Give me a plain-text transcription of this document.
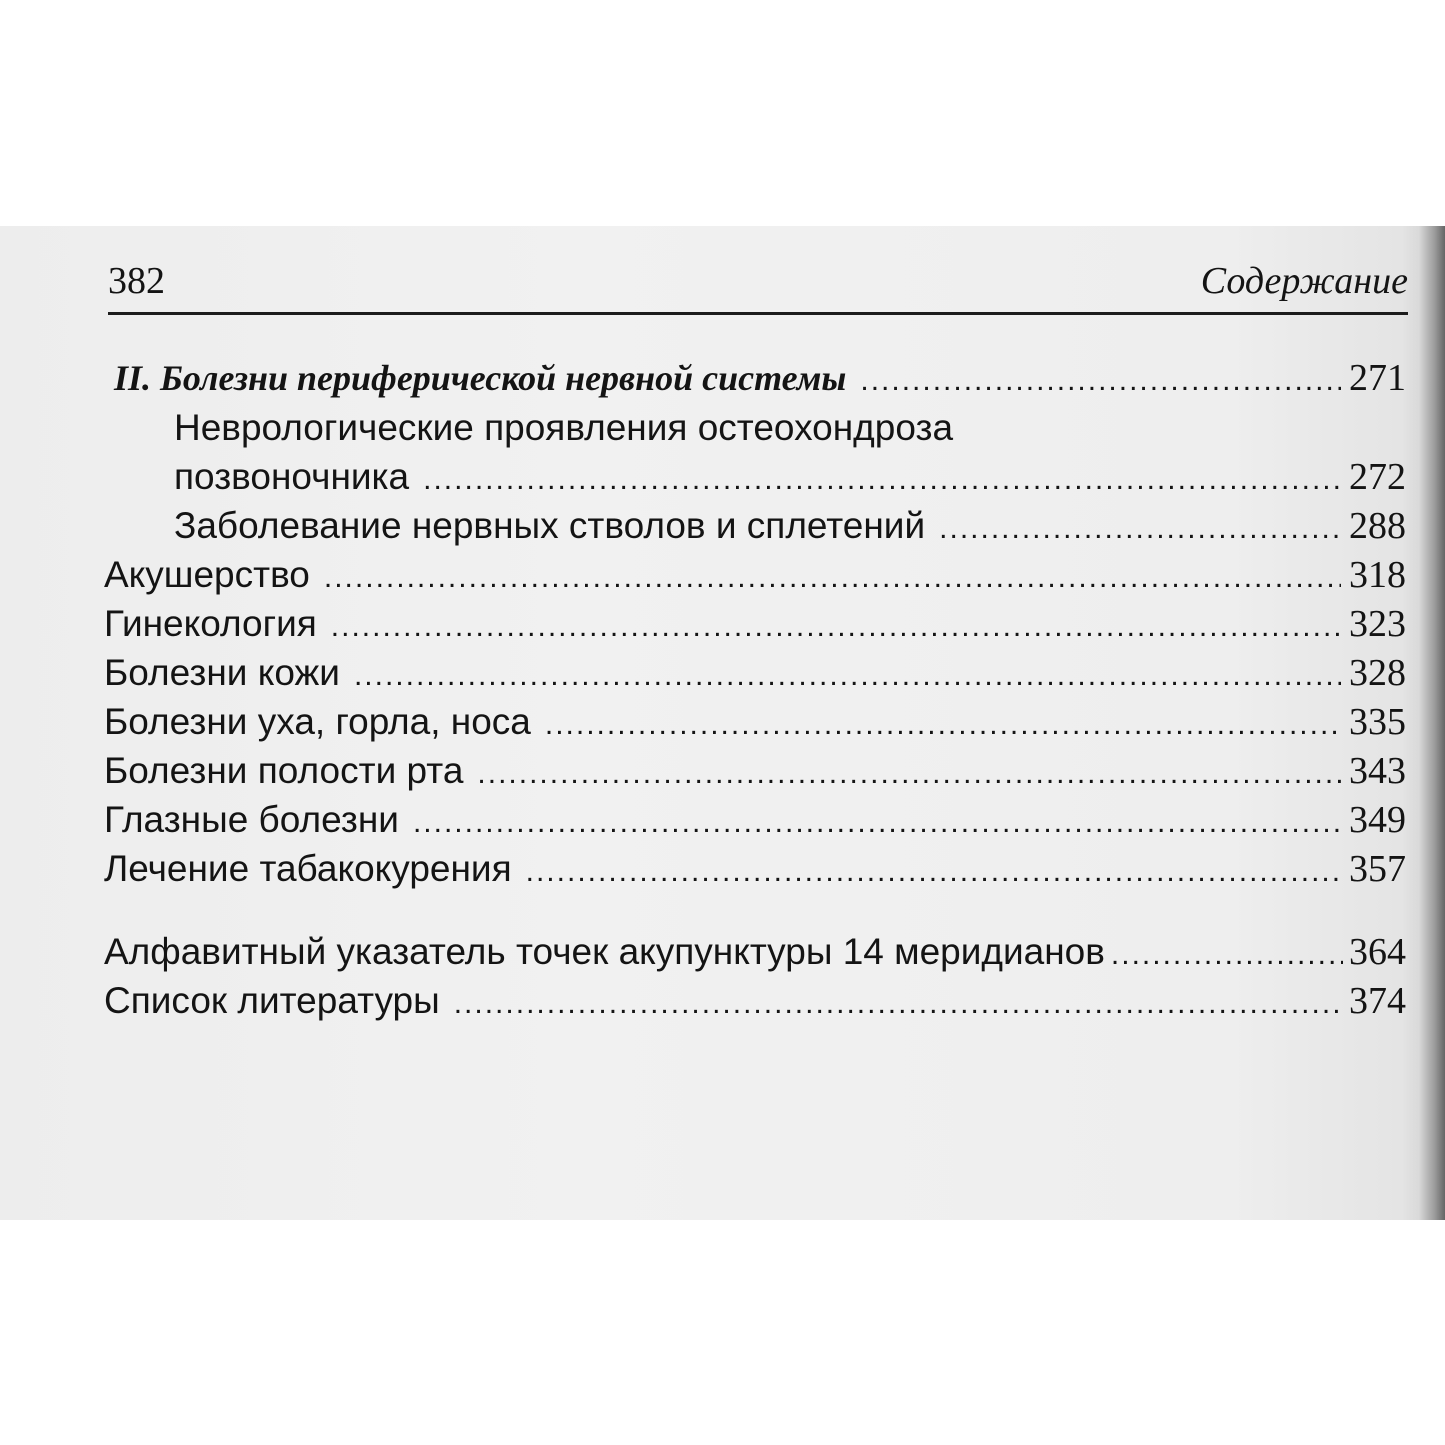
382	Содержание
II. Болезни периферической нервной системы .....	271
Неврологические проявления остеохондроза
позвоночника .....	272
Заболевание нервных стволов и сплетений .....	288
Акушерство .....	318
Гинекология .....	323
Болезни кожи .....	328
Болезни уха, горла, носа .....	335
Болезни полости рта .....	343
Глазные болезни .....	349
Лечение табакокурения .....	357
Алфавитный указатель точек акупунктуры 14 меридианов .....	364
Список литературы .....	374
